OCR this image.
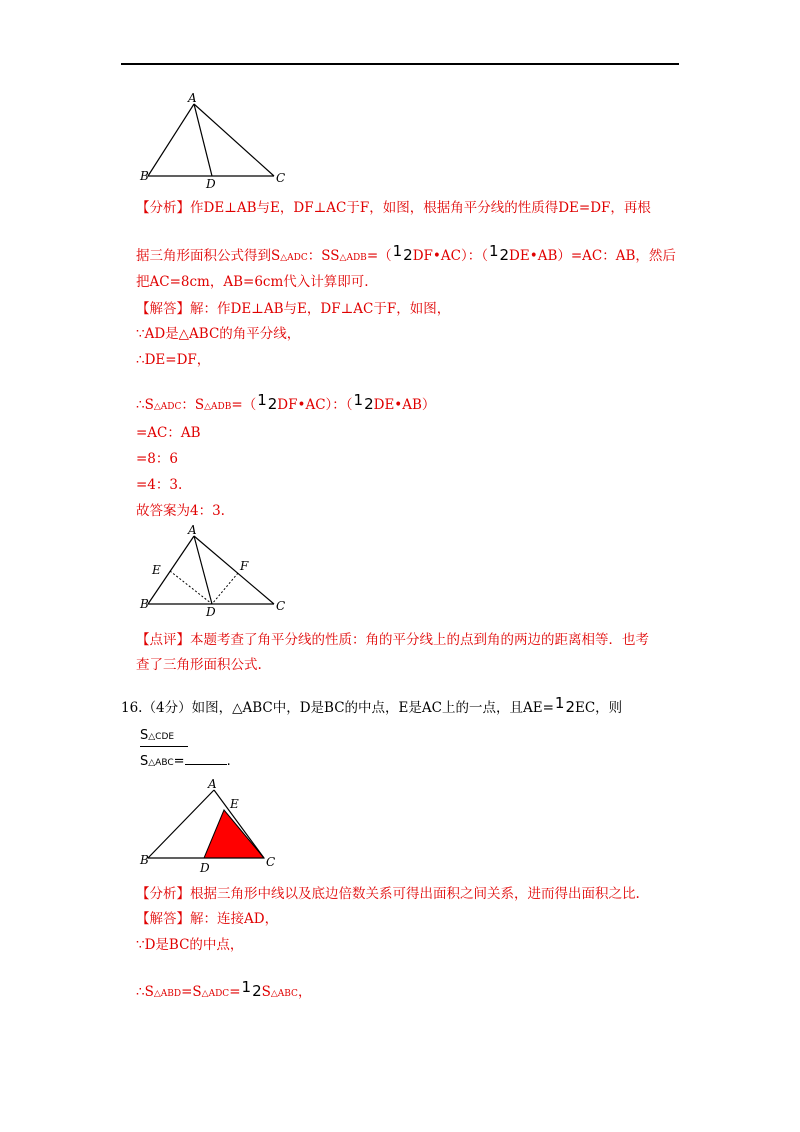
A
B	C
D
【分析】作DE⊥AB与E，DF⊥AC于F，如图，根据角平分线的性质得DE=DF，再根
据三角形面积公式得到S△ADC：SS△ADB=（ 1 2DF•AC）：（ 1 2DE•AB）=AC：AB，然后
把AC=8cm，AB=6cm代入计算即可.
【解答】解：作DE⊥AB与E，DF⊥AC于F，如图，
∵AD是△ABC的角平分线，
∴DE=DF，
∴S△ADC：S△ADB=（ 1 2DF•AC）：（ 1 2DE•AB）
=AC：AB
=8：6
=4：3.
故答案为4：3.
A
B	C
D
E	F
【点评】本题考查了角平分线的性质：角的平分线上的点到角的两边的距离相等．也考
查了三角形面积公式.
16.（4分）如图，△ABC中，D是BC的中点，E是AC上的一点，且AE= 1 2EC，则
S△CDE
S△ABC=	.
A
B	C
D
E
【分析】根据三角形中线以及底边倍数关系可得出面积之间关系，进而得出面积之比.
【解答】解：连接AD，
∵D是BC的中点，
∴S△ABD=S△ADC= 1 2S△ABC，
